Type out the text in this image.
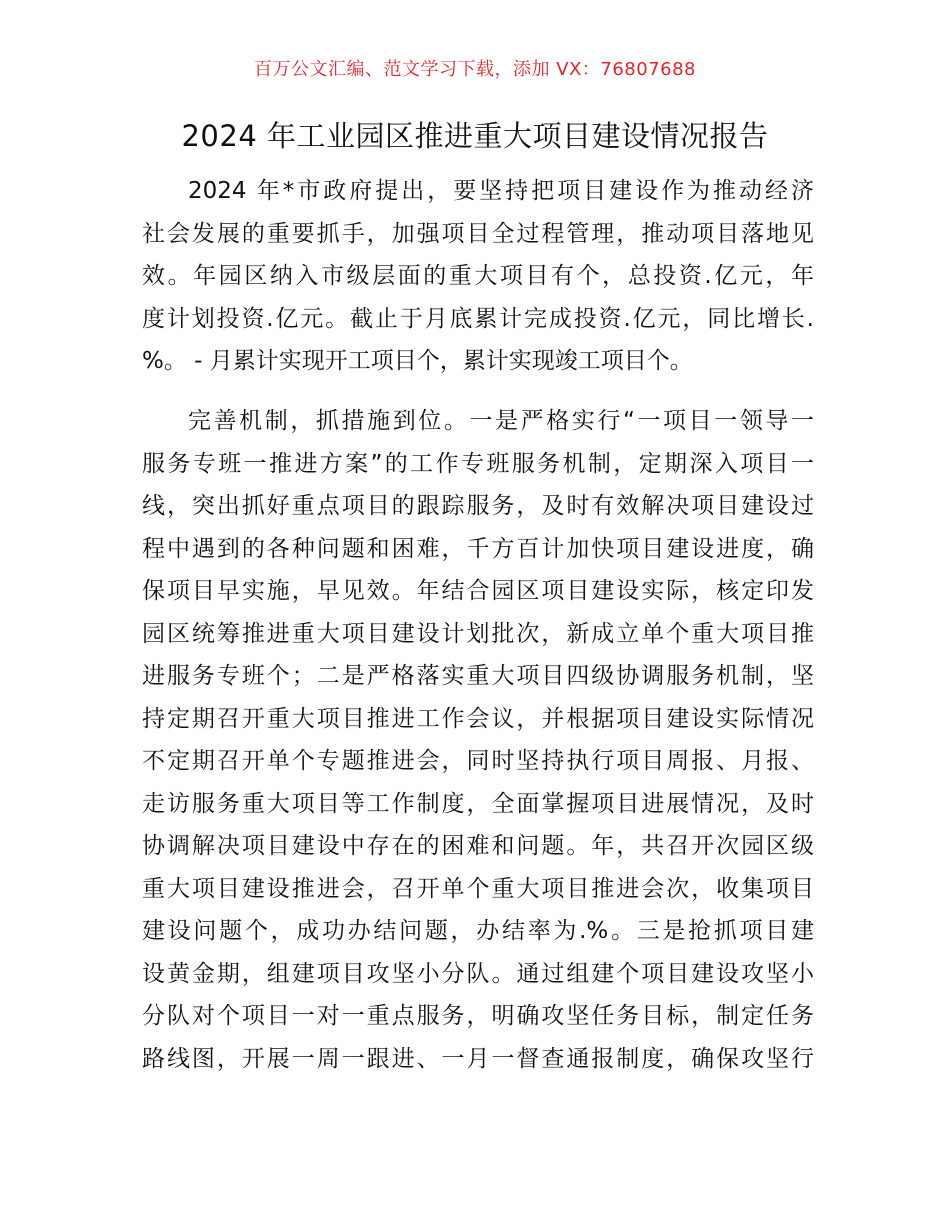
百万公文汇编、范文学习下载，添加 VX：76807688
2024 年工业园区推进重大项目建设情况报告
2024 年*市政府提出，要坚持把项目建设作为推动经济
社会发展的重要抓手，加强项目全过程管理，推动项目落地见
效。年园区纳入市级层面的重大项目有个，总投资.亿元，年
度计划投资.亿元。截止于月底累计完成投资.亿元，同比增长.
%。 - 月累计实现开工项目个，累计实现竣工项目个。
完善机制，抓措施到位。一是严格实行“一项目一领导一
服务专班一推进方案”的工作专班服务机制，定期深入项目一
线，突出抓好重点项目的跟踪服务，及时有效解决项目建设过
程中遇到的各种问题和困难，千方百计加快项目建设进度，确
保项目早实施，早见效。年结合园区项目建设实际，核定印发
园区统筹推进重大项目建设计划批次，新成立单个重大项目推
进服务专班个；二是严格落实重大项目四级协调服务机制，坚
持定期召开重大项目推进工作会议，并根据项目建设实际情况
不定期召开单个专题推进会，同时坚持执行项目周报、月报、
走访服务重大项目等工作制度，全面掌握项目进展情况，及时
协调解决项目建设中存在的困难和问题。年，共召开次园区级
重大项目建设推进会，召开单个重大项目推进会次，收集项目
建设问题个，成功办结问题，办结率为.%。三是抢抓项目建
设黄金期，组建项目攻坚小分队。通过组建个项目建设攻坚小
分队对个项目一对一重点服务，明确攻坚任务目标，制定任务
路线图，开展一周一跟进、一月一督查通报制度，确保攻坚行
